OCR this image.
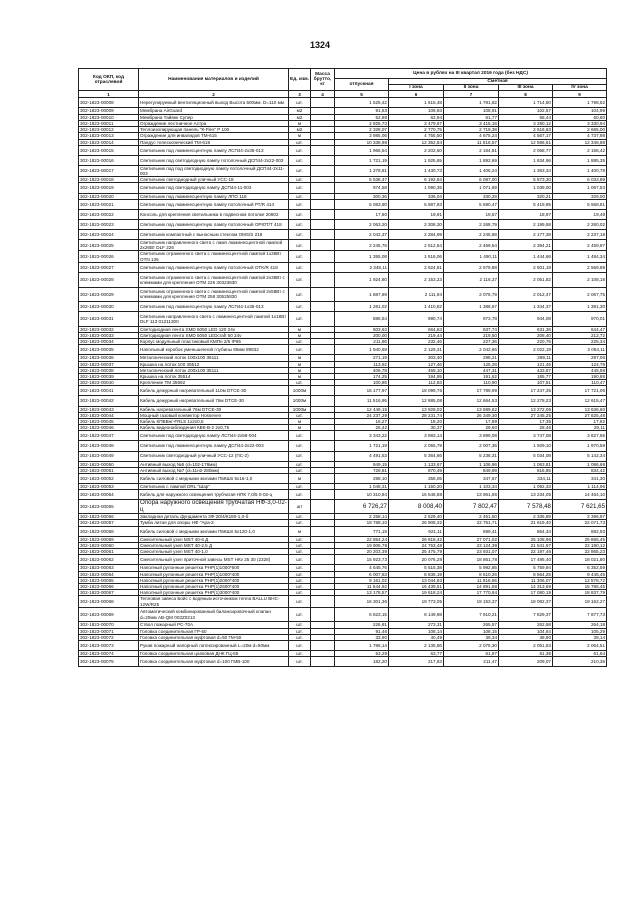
1324
Код ОКП, код отраслевой	Наименование материалов и изделий	Ед. изм.	Масса брутто, кг	Цена в рублях на III квартал 2016 года (без НДС)				
				отпускная	Сметная			
					I зона	II зона	III зона	IV зона
1	2	3	4	5	6	7	8	9
302-1823-00008	Нерегулируемый вентиляционный выход Высота 500мм. D=110 мм	шт.		1 525,42	1 615,48	1 781,82	1 714,50	1 798,52
302-1823-00009	Мембрана AirGuard	м2		91,53	106,93	108,91	102,57	104,99
302-1823-00010	Мембрана Тайвек Супер	м2		52,88	62,94	61,77	58,44	60,60
302-1823-00011	Ограждение лестничное Астра	м		2 925,73	3 479,67	3 415,16	3 280,12	3 330,94
302-1823-00012	Теплоизолирующая панель "К-Flex" P 100	м2		2 328,07	2 770,75	2 719,38	2 616,63	2 665,00
302-1823-00013	Ограждение для инвалидов TM-615	м		3 985,06	4 755,50	4 675,24	4 567,17	4 737,98
302-1823-00014	Пандус телескопический TM-618	шт.		10 338,98	12 352,84	11 616,57	12 596,61	12 348,88
302-1823-00015	Светильник под люминесцентную лампу ЛСП44-2х36-013	шт.		1 966,54	2 202,50	2 164,81	2 068,77	2 156,42
302-1823-00016	Светильник под светодиодную лампу потолочный ДСП44-2х22-003	шт.		1 721,19	1 925,65	1 892,69	1 834,96	1 885,35
302-1823-00017	Светильник под под светодиодную лампу потолочный ДСП44-2х11-003	шт.		1 278,81	1 430,73	1 406,24	1 363,34	1 400,78
302-1823-00018	Светильник светодиодный уличный УСС-18	шт.		5 538,47	6 192,84	6 087,00	5 873,30	6 033,89
302-1823-00019	Светильник под светодиодную лампу ДСП44-11-003	шт.		974,58	1 090,35	1 071,69	1 039,00	1 067,53
302-1823-00020	Светильник под люминесцентную лампу ЛПО 118	шт.		300,36	336,04	330,29	320,21	329,00
302-1823-00021	Светильник под люминесцентную лампу потолочный РТ/R 414	шт.		5 083,90	5 687,83	5 590,47	5 419,95	5 568,81
302-1823-00022	Консоль для крепления светильника в подвесном потолке 20802	шт.		17,80	19,91	19,57	18,97	19,49
302-1823-00023	Светильник под люминесцентную лампу потолочный ОРЮТ/Т 418	шт.		2 063,20	2 308,30	2 268,79	2 199,58	2 260,02
302-1823-00024	Светильник компактный с выносным стеклом OMS/S 218	шт.		2 042,37	2 284,99	2 245,88	2 177,38	2 237,18
302-1823-00025	Светильник направленного света с ламп люминесцентной лампой 2х26Вт DLF 226	шт.		2 245,76	2 512,54	2 469,54	2 394,21	2 459,97
302-1823-00026	Светильник отраженного света с люминесцентной лампой 1х36Вт OTN 136	шт.		1 355,08	1 516,06	1 490,11	1 444,66	1 484,34
302-1823-00027	Светильник под люминесцентную лампу потолочный OTK/R 418	шт.		2 348,11	2 624,81	2 579,88	2 501,19	2 569,89
302-1823-00028	Светильник отраженного света с люминесцентной лампой 2х36Вт с клеммами для крепления OTM 226 30323630	шт.		1 924,80	2 153,23	2 116,37	2 051,82	2 108,18
302-1823-00029	Светильник отраженного света с люминесцентной лампой 2х58Вт с клеммами для крепления OTM 258 30525830	шт.		1 887,69	2 111,94	2 075,79	2 012,47	2 067,75
302-1823-00030	Светильник под люминесцентную лампу ЛСП44-1х36-013	шт.		1 261,02	1 410,82	1 386,67	1 344,37	1 381,30
302-1823-00031	Светильник направленного света с люминесцентной лампой 1х18Вт DLF 113 01211300	шт.		885,54	990,74	973,78	944,08	970,01
302-1823-00032	Светодиодная лента SMD 5050 LED 120 24v	м		603,63	664,63	637,74	631,36	644,47
302-1823-00033	Светодиодная лента SMD 5050 LEDcraft 60 24v	м		200,00	219,44	219,50	208,40	212,72
302-1823-00034	Корпус модульный пластиковый КМПн 2/6 IP65	шт.		211,86	232,46	227,36	220,76	225,34
302-1823-00035	Напольный коробок уменьшенной глубины 85мм 89832	шт.		1 940,68	2 129,31	2 042,66	2 022,19	2 064,11
302-1823-00036	Металлический лоток 100х100 35111	м		271,19	303,40	298,21	289,11	297,06
302-1823-00037	Крышка на лоток 100 35512	м		113,92	127,46	125,28	121,45	124,79
302-1823-00038	Металлический лоток 200х100 35111	м		406,78	455,10	447,31	433,67	445,58
302-1823-00039	Крышка на лоток 35514	м		174,25	194,95	191,62	185,77	190,88
302-1823-00040	Крепление TM 35692	шт.		100,85	112,83	110,90	107,51	110,47
302-1823-00041	Кабель дежурный нагревательный 110м DTCE-30	1000м		15 177,97	18 099,76	17 789,99	17 247,35	17 721,06
302-1823-00042	Кабель дежурный нагревательный 76м DTCE-30	1000м		11 516,95	12 885,08	12 664,53	12 278,23	12 615,47
302-1823-00043	Кабель нагревательный 76м DTCE-30	1000м		12 449,15	13 928,02	13 689,62	13 272,06	13 636,60
302-1823-00044	Мощный газовый конвектор Hosseven	шт.		24 237,29	28 231,74	26 349,30	27 245,25	27 625,48
302-1823-00045	Кабель КПВВнг-FRLS 1х2х0,5	м		16,27	18,20	17,89	17,35	17,82
302-1823-00046	Кабель видеонаблюдения КВК-В-2 2х0,75	м		25,42	30,37	29,60	28,46	29,11
302-1823-00047	Светильник под светодиодную лампу ЛСП44-2х58-004	шт.		3 343,22	3 983,14	3 899,08	3 747,08	3 827,65
302-1823-00048	Светильник под люминесцентную лампу ДСП44-2х22-003	шт.		1 721,19	2 055,79	2 007,36	1 929,10	1 970,58
302-1823-00049	Светильник светодиодный уличный УСС-12 (ПС-2)	шт.		4 491,53	5 364,66	5 238,31	5 034,08	5 142,34
302-1823-00050	Антивный выход №5 (d=102-178мм)	шт.		949,15	1 133,67	1 106,96	1 063,81	1 086,68
302-1823-00051	Антивный выход №7 (d=11н2-280мм)	шт.		728,81	870,49	849,99	816,85	834,42
302-1823-00052	Кабель силовой с медными жилами ПвКШп 5х16-1,0	м		298,10	356,05	347,67	334,11	341,30
302-1823-00053	Светильник с лампой DRL "Шар"	шт.		1 048,31	1 150,20	1 103,34	1 092,33	1 114,96
302-1823-00054	Кабель для наружного освещения трубчатая НПК 7,0/5 0-02-ц	шт.		10 310,84	16 546,88	13 961,66	13 234,05	14 464,10
302-1823-00055	Опора наружного освещения трубчатая НФ-3,0-02-ц	шт		6 726,27	8 008,40	7 802,47	7 578,48	7 621,65
302-1823-00056	Закладная деталь фундамента 3Ф-20/4/К180-1,0-б	шт.		2 258,14	2 529,40	2 451,50	2 335,89	2 396,97
302-1823-00057	Тумба литая для опоры НФ "Ара-2	шт.		18 788,10	26 908,32	22 751,71	21 619,40	22 071,73
302-1823-00058	Кабель силовой с медными жилами ПвКШп 5х120-1,0	м		771,19	921,11	899,41	864,34	882,93
302-1823-00059	Смесительный узел MST 40-6 Д	шт.		22 854,24	26 818,42	27 071,02	25 108,96	25 865,45
302-1823-00060	Смесительный узел MST 40-2,5 Д	шт.		19 906,78	24 753,48	23 124,39	21 541,97	22 190,12
302-1823-00061	Смесительный узел MST 40-1,0	шт.		20 203,39	25 475,79	23 931,07	22 197,46	22 865,23
302-1823-00062	Смесительный узел приточной завесы MST НКv 25 30 (2328)	шт.		15 923,73	20 076,28	18 861,78	17 495,40	18 021,80
302-1823-00063	Наполный рулонные решетка PHP(1)1000*600	шт.		4 645,76	5 515,38	5 992,85	5 759,94	6 352,59
302-1823-00064	Наполный рулонные решетка PHP(1)1000*400	шт.		6 007,63	8 836,19	8 610,26	8 564,25	9 445,45
302-1823-00065	Наполный рулонные решетка PHP(1)2000*400	шт.		9 161,02	13 044,83	11 816,65	11 306,07	12 578,72
302-1823-00066	Наполный рулонные решетка PHP(1)2500*400	шт.		11 544,92	16 439,51	14 891,68	14 313,69	15 786,45
302-1823-00067	Наполный рулонные решетка PHP(1)3000*400	шт.		13 178,57	19 618,24	17 770,94	17 080,19	18 837,79
302-1823-00068	Тепловая завеса Бойс с водяным источником тепла BALLU BHC-12W/R25	шт.		16 301,36	19 773,05	19 153,37	18 082,37	19 162,27
302-1823-00069	Автоматический комбинированный балансировочный клапан d=20мм AB-QM 003Z0213	шт.		6 823,15	8 149,98	7 910,21	7 829,37	7 877,73
302-1823-00070	Ствол пожарный РС-70А	шт.		226,81	273,31	265,57	262,58	264,18
302-1823-00071	Головка соединительная ГР-50	шт.		91,46	108,14	108,15	104,64	105,29
302-1823-00072	Головка соединительная муфтовая d=50 ГМ-50	шт.		33,90	40,49	39,34	38,90	39,14
302-1823-00073	Рукав пожарный напорный латексированный L=20м d=50мм	шт.		1 786,14	2 135,86	2 075,30	2 051,63	2 064,51
302-1823-00074	Головка соединительная цапковая ДНК ГЦ-65	шт.		53,29	63,77	61,97	61,36	61,64
302-1823-00075	Головка соединительная муфтовая d=100 ГМВ-100	шт.		182,20	217,63	211,47	209,07	210,36
